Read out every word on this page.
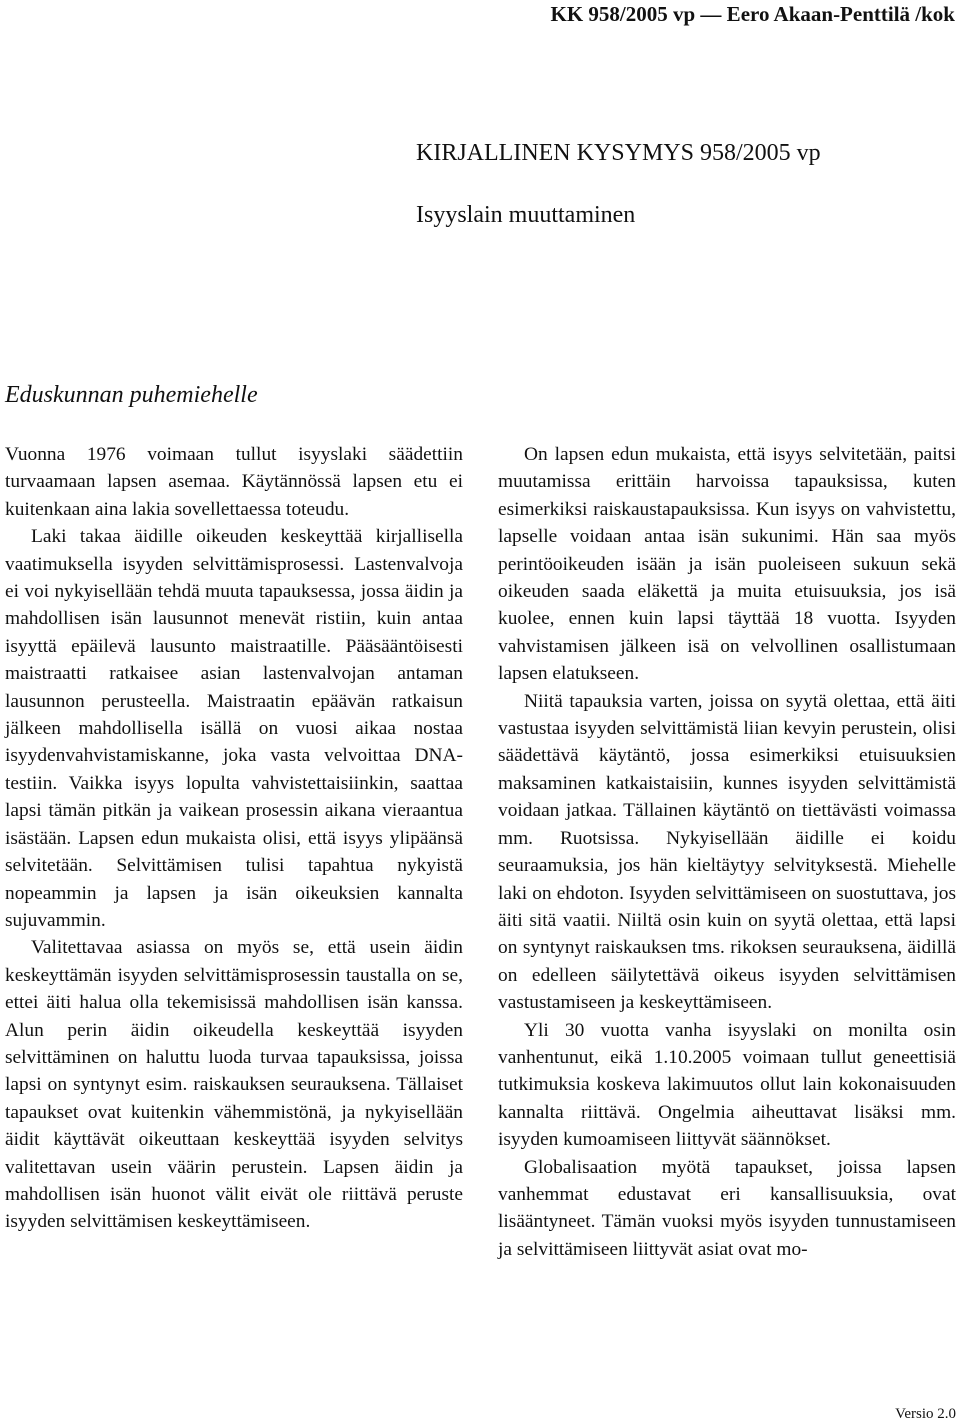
KK 958/2005 vp — Eero Akaan-Penttilä /kok
KIRJALLINEN KYSYMYS 958/2005 vp
Isyyslain muuttaminen
Eduskunnan puhemiehelle

Vuonna 1976 voimaan tullut isyyslaki säädettiin turvaamaan lapsen asemaa. Käytännössä lapsen etu ei kuitenkaan aina lakia sovellettaessa toteudu.

Laki takaa äidille oikeuden keskeyttää kirjallisella vaatimuksella isyyden selvittämisprosessi. Lastenvalvoja ei voi nykyisellään tehdä muuta tapauksessa, jossa äidin ja mahdollisen isän lausunnot menevät ristiin, kuin antaa isyyttä epäilevä lausunto maistraatille. Pääsääntöisesti maistraatti ratkaisee asian lastenvalvojan antaman lausunnon perusteella. Maistraatin epäävän ratkaisun jälkeen mahdollisella isällä on vuosi aikaa nostaa isyydenvahvistamiskanne, joka vasta velvoittaa DNA-testiin. Vaikka isyys lopulta vahvistettaisiinkin, saattaa lapsi tämän pitkän ja vaikean prosessin aikana vieraantua isästään. Lapsen edun mukaista olisi, että isyys ylipäänsä selvitetään. Selvittämisen tulisi tapahtua nykyistä nopeammin ja lapsen ja isän oikeuksien kannalta sujuvammin.

Valitettavaa asiassa on myös se, että usein äidin keskeyttämän isyyden selvittämisprosessin taustalla on se, ettei äiti halua olla tekemisissä mahdollisen isän kanssa. Alun perin äidin oikeudella keskeyttää isyyden selvittäminen on haluttu luoda turvaa tapauksissa, joissa lapsi on syntynyt esim. raiskauksen seurauksena. Tällaiset tapaukset ovat kuitenkin vähemmistönä, ja nykyisellään äidit käyttävät oikeuttaan keskeyttää isyyden selvitys valitettavan usein väärin perustein. Lapsen äidin ja mahdollisen isän huonot välit eivät ole riittävä peruste isyyden selvittämisen keskeyttämiseen.

On lapsen edun mukaista, että isyys selvitetään, paitsi muutamissa erittäin harvoissa tapauksissa, kuten esimerkiksi raiskaustapauksissa. Kun isyys on vahvistettu, lapselle voidaan antaa isän sukunimi. Hän saa myös perintöoikeuden isään ja isän puoleiseen sukuun sekä oikeuden saada eläkettä ja muita etuisuuksia, jos isä kuolee, ennen kuin lapsi täyttää 18 vuotta. Isyyden vahvistamisen jälkeen isä on velvollinen osallistumaan lapsen elatukseen.

Niitä tapauksia varten, joissa on syytä olettaa, että äiti vastustaa isyyden selvittämistä liian kevyin perustein, olisi säädettävä käytäntö, jossa esimerkiksi etuisuuksien maksaminen katkaistaisiin, kunnes isyyden selvittämistä voidaan jatkaa. Tällainen käytäntö on tiettävästi voimassa mm. Ruotsissa. Nykyisellään äidille ei koidu seuraamuksia, jos hän kieltäytyy selvityksestä. Miehelle laki on ehdoton. Isyyden selvittämiseen on suostuttava, jos äiti sitä vaatii. Niiltä osin kuin on syytä olettaa, että lapsi on syntynyt raiskauksen tms. rikoksen seurauksena, äidillä on edelleen säilytettävä oikeus isyyden selvittämisen vastustamiseen ja keskeyttämiseen.

Yli 30 vuotta vanha isyyslaki on monilta osin vanhentunut, eikä 1.10.2005 voimaan tullut geneettisiä tutkimuksia koskeva lakimuutos ollut lain kokonaisuuden kannalta riittävä. Ongelmia aiheuttavat lisäksi mm. isyyden kumoamiseen liittyvät säännökset.

Globalisaation myötä tapaukset, joissa lapsen vanhemmat edustavat eri kansallisuuksia, ovat lisääntyneet. Tämän vuoksi myös isyyden tunnustamiseen ja selvittämiseen liittyvät asiat ovat mo-

Versio 2.0
